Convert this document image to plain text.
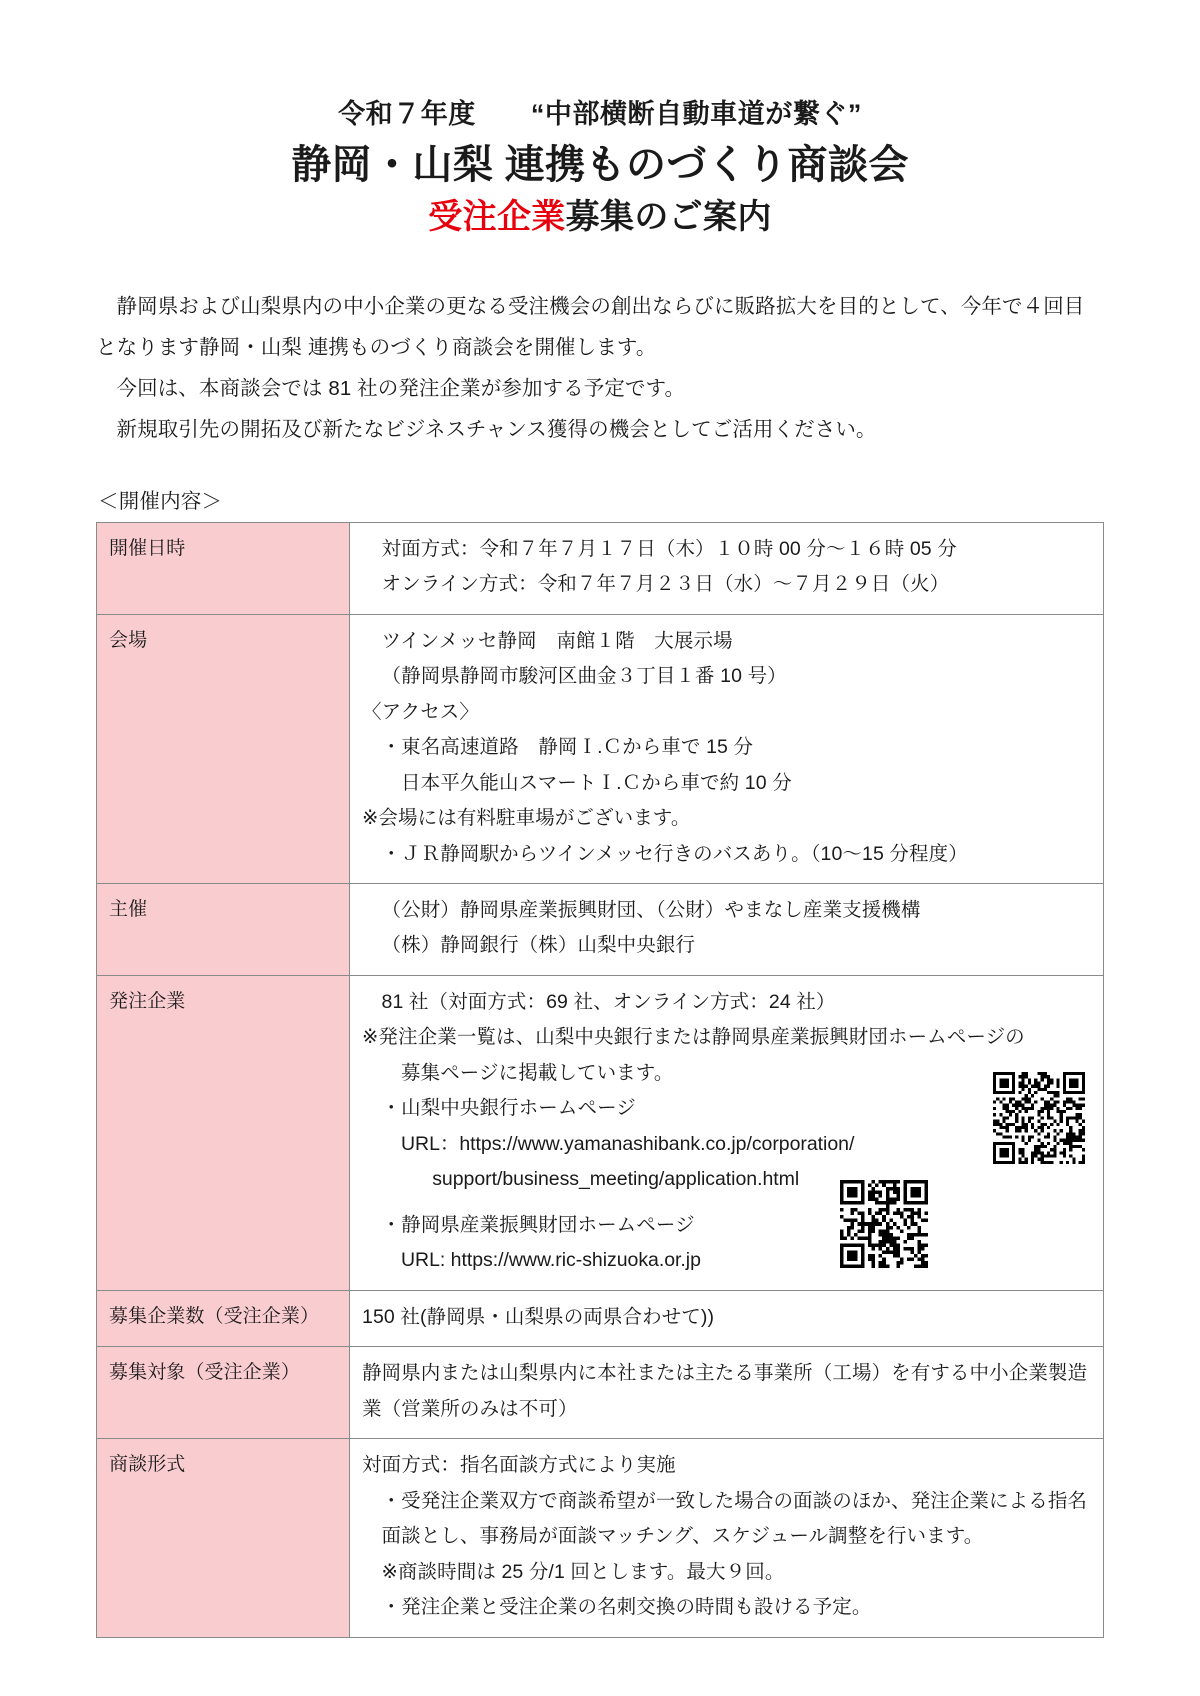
令和７年度　　“中部横断自動車道が繋ぐ”
静岡・山梨 連携ものづくり商談会
受注企業募集のご案内

静岡県および山梨県内の中小企業の更なる受注機会の創出ならびに販路拡大を目的として、今年で４回目となります静岡・山梨 連携ものづくり商談会を開催します。

今回は、本商談会では 81 社の発注企業が参加する予定です。

新規取引先の開拓及び新たなビジネスチャンス獲得の機会としてご活用ください。

＜開催内容＞
開催日時	対面方式：令和７年７月１７日（木）１０時 00 分～１６時 05 分
オンライン方式：令和７年７月２３日（水）～７月２９日（火）

会場	ツインメッセ静岡　南館１階　大展示場
（静岡県静岡市駿河区曲金３丁目１番 10 号）
〈アクセス〉
・東名高速道路　静岡Ｉ.Ｃから車で 15 分
日本平久能山スマートＩ.Ｃから車で約 10 分
※会場には有料駐車場がございます。
・ＪＲ静岡駅からツインメッセ行きのバスあり。（10～15 分程度）

主催	（公財）静岡県産業振興財団、（公財）やまなし産業支援機構
（株）静岡銀行（株）山梨中央銀行

発注企業	81 社（対面方式：69 社、オンライン方式：24 社）
※発注企業一覧は、山梨中央銀行または静岡県産業振興財団ホームページの
募集ページに掲載しています。
・山梨中央銀行ホームページ
URL：https://www.yamanashibank.co.jp/corporation/
support/business_meeting/application.html
・静岡県産業振興財団ホームページ
URL: https://www.ric-shizuoka.or.jp

募集企業数（受注企業）	150 社(静岡県・山梨県の両県合わせて))

募集対象（受注企業）	静岡県内または山梨県内に本社または主たる事業所（工場）を有する中小企業製造業（営業所のみは不可）

商談形式	対面方式：指名面談方式により実施
・受発注企業双方で商談希望が一致した場合の面談のほか、発注企業による指名面談とし、事務局が面談マッチング、スケジュール調整を行います。
※商談時間は 25 分/1 回とします。最大９回。
・発注企業と受注企業の名刺交換の時間も設ける予定。
